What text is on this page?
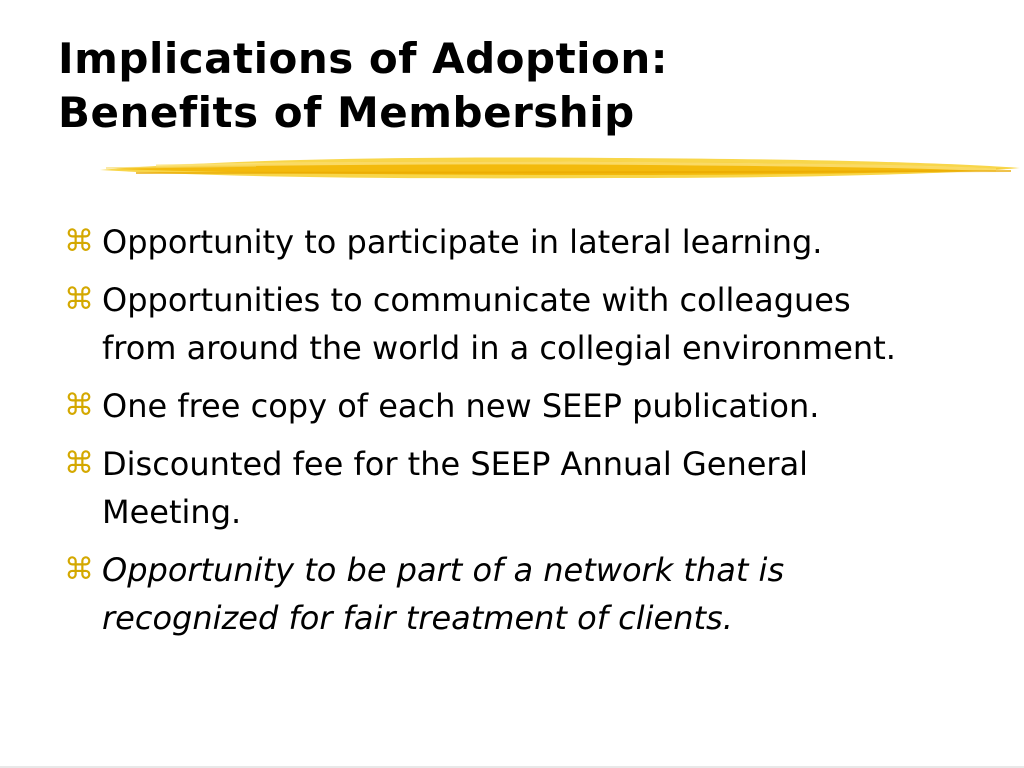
Implications of Adoption:
Benefits of Membership
⌘ Opportunity to participate in lateral learning.
⌘ Opportunities to communicate with colleagues
from around the world in a collegial environment.
⌘ One free copy of each new SEEP publication.
⌘ Discounted fee for the SEEP Annual General
Meeting.
⌘ Opportunity to be part of a network that is
recognized for fair treatment of clients.
